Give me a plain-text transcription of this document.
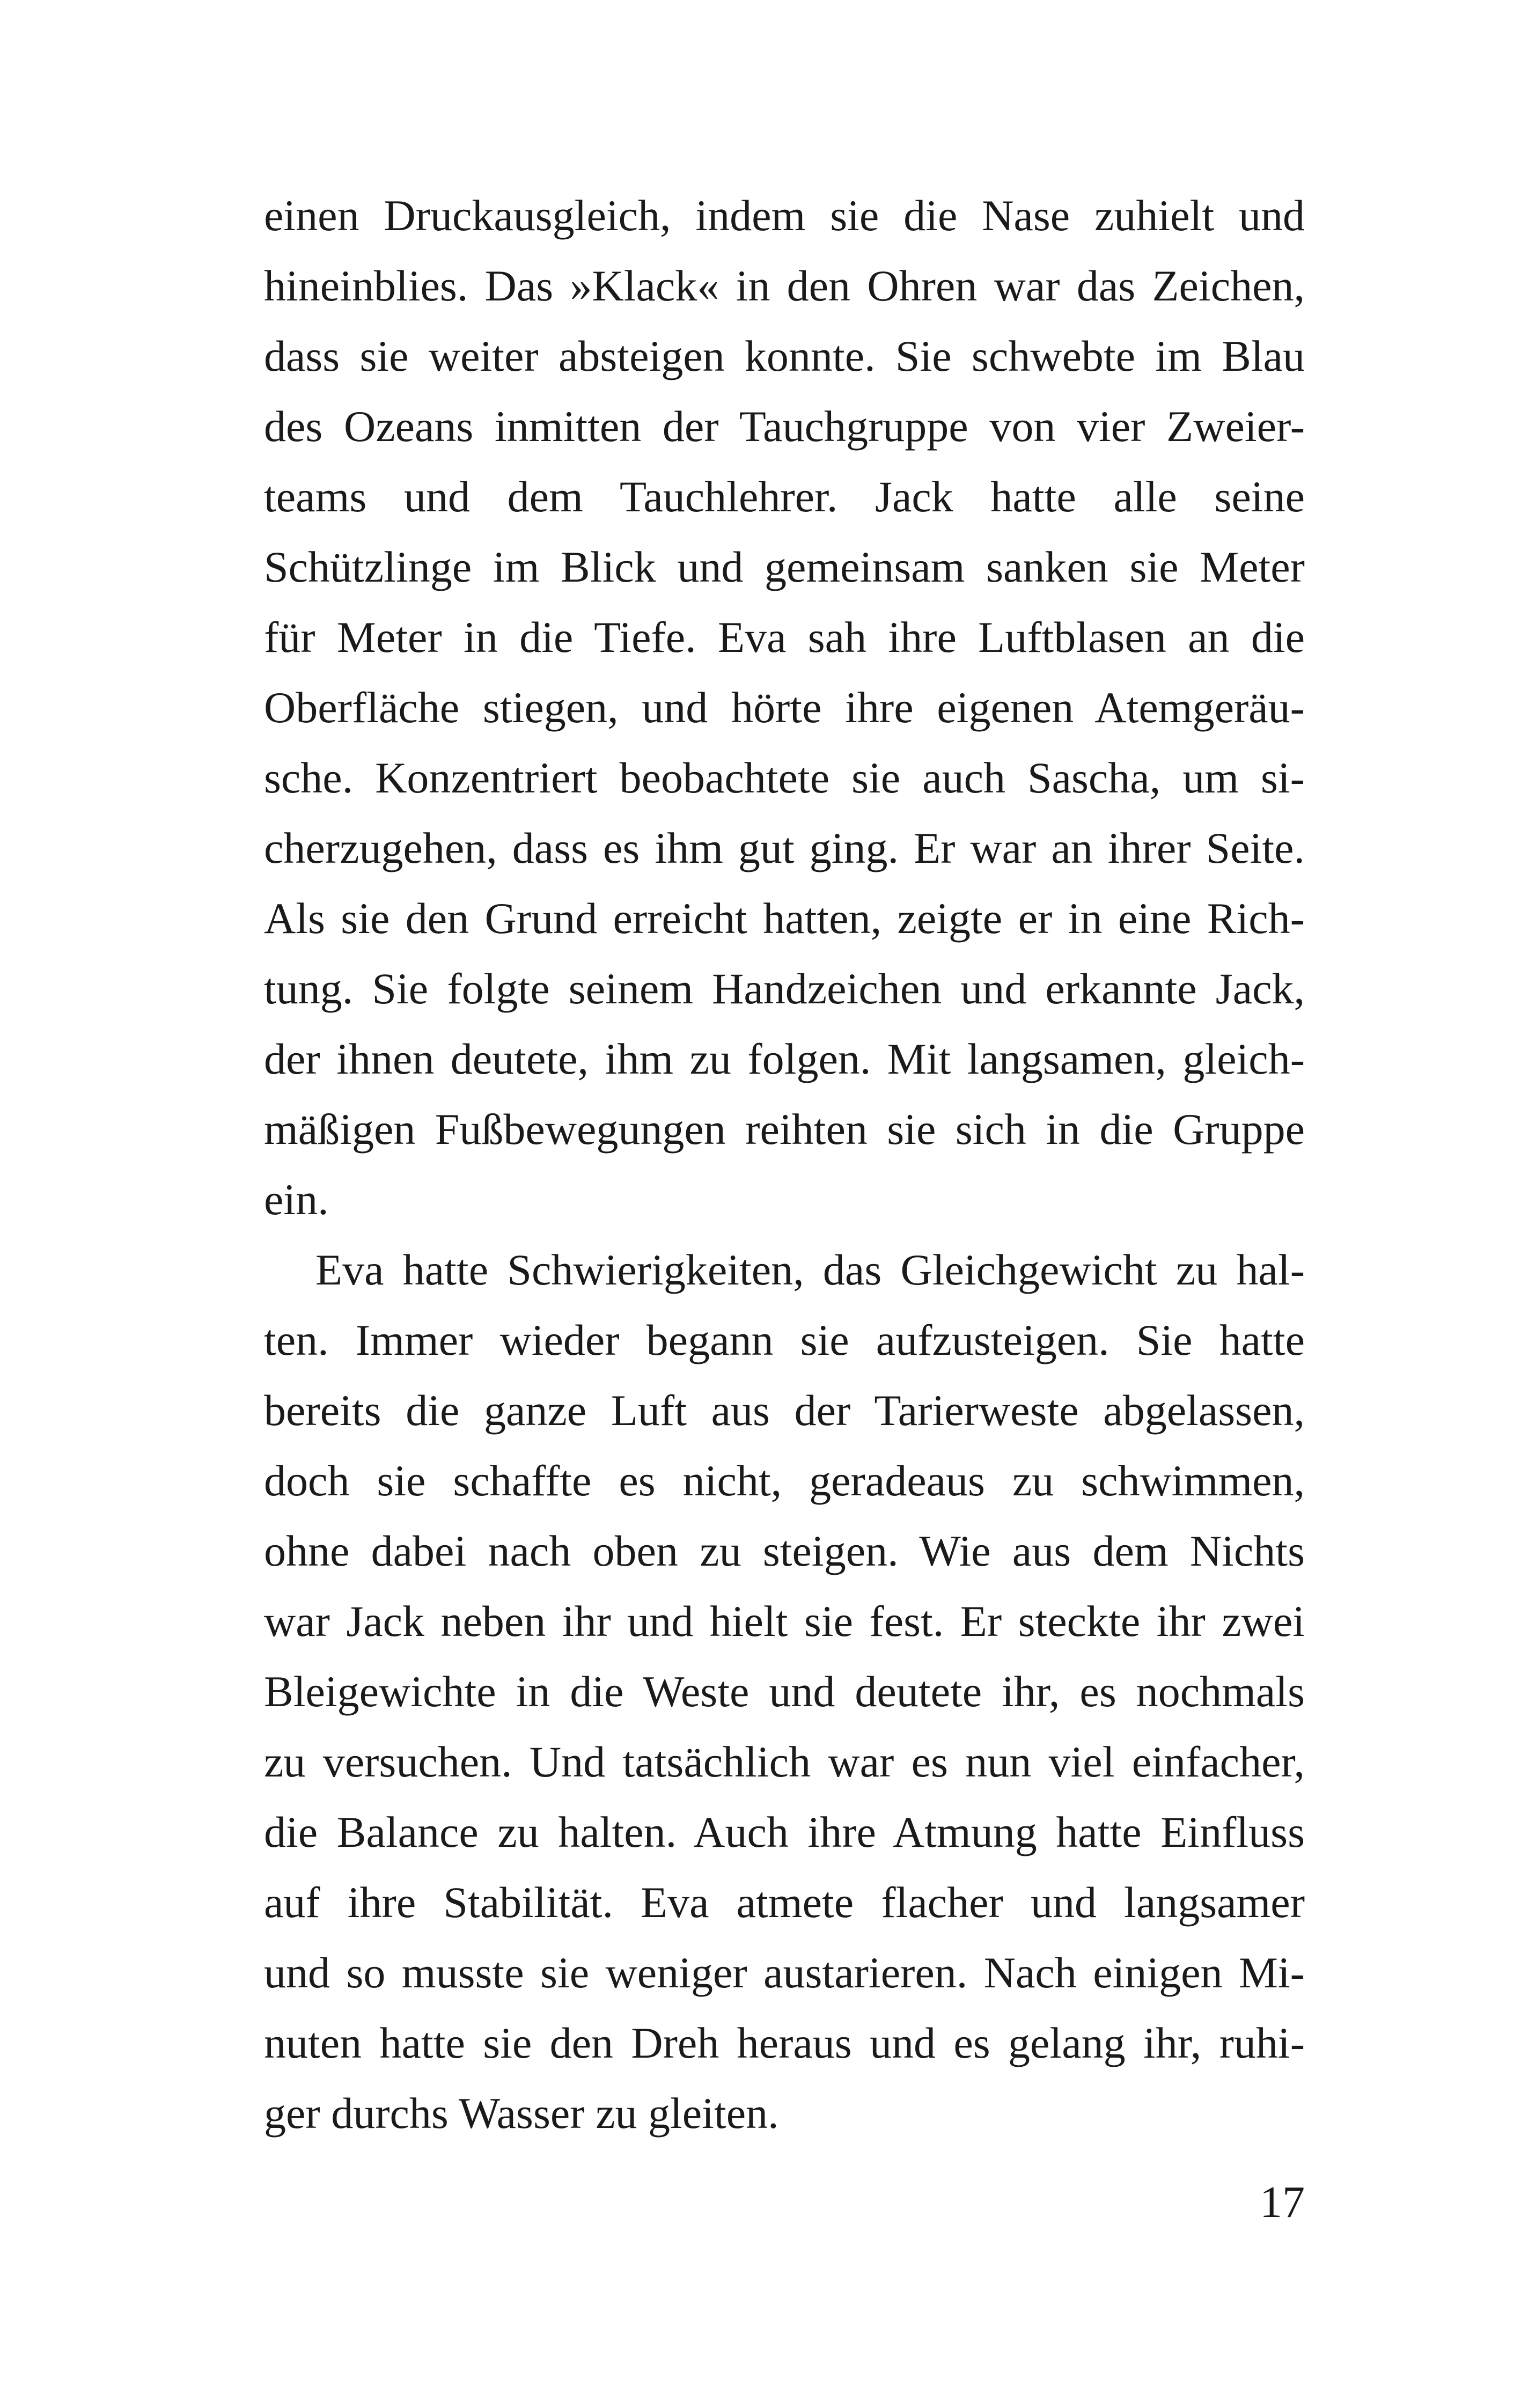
einen Druckausgleich, indem sie die Nase zuhielt und
hineinblies. Das »Klack« in den Ohren war das Zeichen,
dass sie weiter absteigen konnte. Sie schwebte im Blau
des Ozeans inmitten der Tauchgruppe von vier Zweier-
teams und dem Tauchlehrer. Jack hatte alle seine
Schützlinge im Blick und gemeinsam sanken sie Meter
für Meter in die Tiefe. Eva sah ihre Luftblasen an die
Oberfläche stiegen, und hörte ihre eigenen Atemgeräu-
sche. Konzentriert beobachtete sie auch Sascha, um si-
cherzugehen, dass es ihm gut ging. Er war an ihrer Seite.
Als sie den Grund erreicht hatten, zeigte er in eine Rich-
tung. Sie folgte seinem Handzeichen und erkannte Jack,
der ihnen deutete, ihm zu folgen. Mit langsamen, gleich-
mäßigen Fußbewegungen reihten sie sich in die Gruppe
ein.
Eva hatte Schwierigkeiten, das Gleichgewicht zu hal-
ten. Immer wieder begann sie aufzusteigen. Sie hatte
bereits die ganze Luft aus der Tarierweste abgelassen,
doch sie schaffte es nicht, geradeaus zu schwimmen,
ohne dabei nach oben zu steigen. Wie aus dem Nichts
war Jack neben ihr und hielt sie fest. Er steckte ihr zwei
Bleigewichte in die Weste und deutete ihr, es nochmals
zu versuchen. Und tatsächlich war es nun viel einfacher,
die Balance zu halten. Auch ihre Atmung hatte Einfluss
auf ihre Stabilität. Eva atmete flacher und langsamer
und so musste sie weniger austarieren. Nach einigen Mi-
nuten hatte sie den Dreh heraus und es gelang ihr, ruhi-
ger durchs Wasser zu gleiten.
17
